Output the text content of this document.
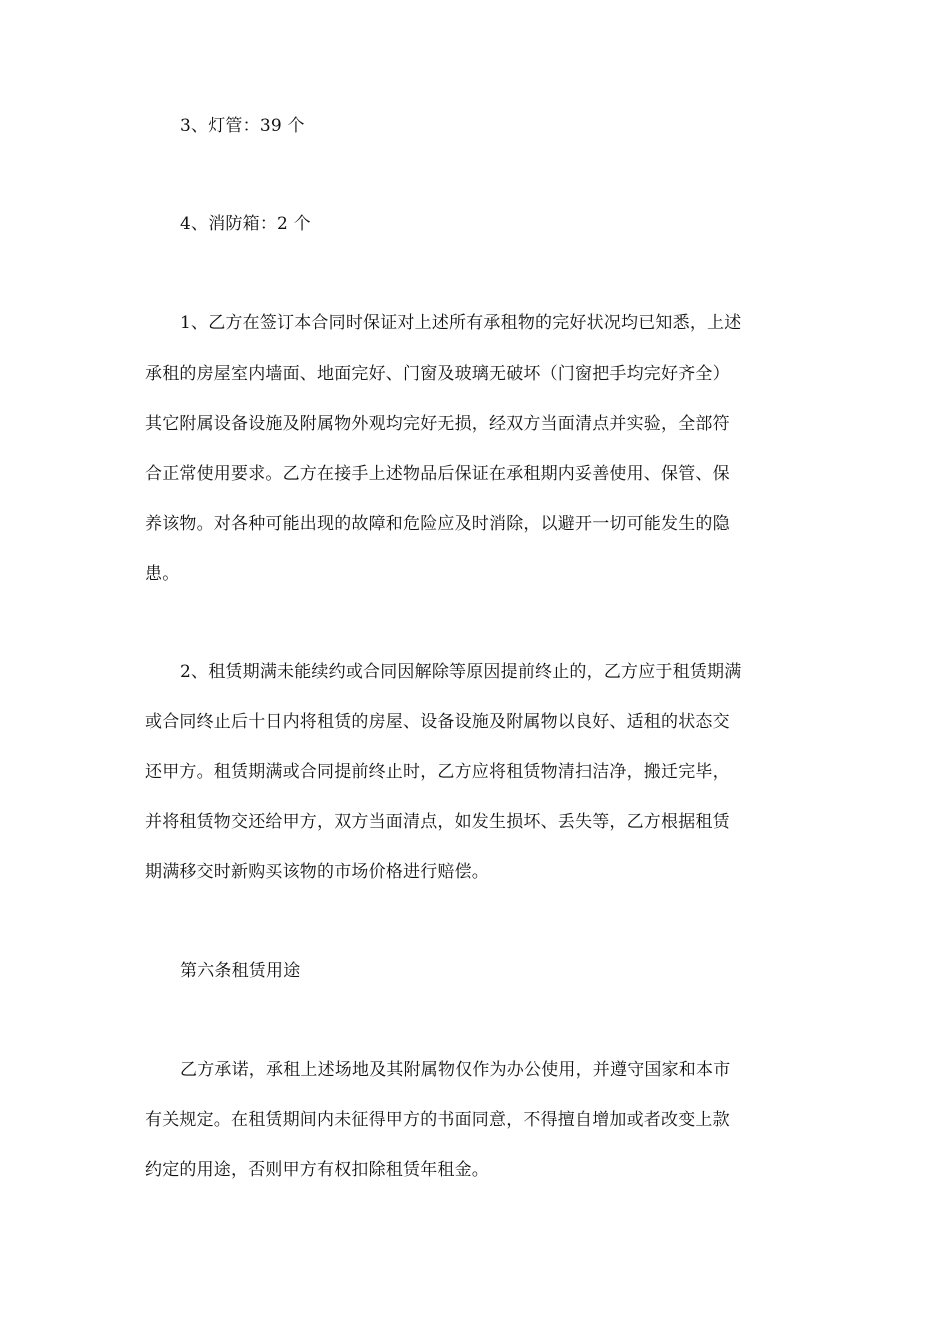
3、灯管：39 个
4、消防箱：2 个
1、乙方在签订本合同时保证对上述所有承租物的完好状况均已知悉，上述
承租的房屋室内墙面、地面完好、门窗及玻璃无破坏（门窗把手均完好齐全）
其它附属设备设施及附属物外观均完好无损，经双方当面清点并实验，全部符
合正常使用要求。乙方在接手上述物品后保证在承租期内妥善使用、保管、保
养该物。对各种可能出现的故障和危险应及时消除，以避开一切可能发生的隐
患。
2、租赁期满未能续约或合同因解除等原因提前终止的，乙方应于租赁期满
或合同终止后十日内将租赁的房屋、设备设施及附属物以良好、适租的状态交
还甲方。租赁期满或合同提前终止时，乙方应将租赁物清扫洁净，搬迁完毕，
并将租赁物交还给甲方，双方当面清点，如发生损坏、丢失等，乙方根据租赁
期满移交时新购买该物的市场价格进行赔偿。
第六条租赁用途
乙方承诺，承租上述场地及其附属物仅作为办公使用，并遵守国家和本市
有关规定。在租赁期间内未征得甲方的书面同意，不得擅自增加或者改变上款
约定的用途，否则甲方有权扣除租赁年租金。
